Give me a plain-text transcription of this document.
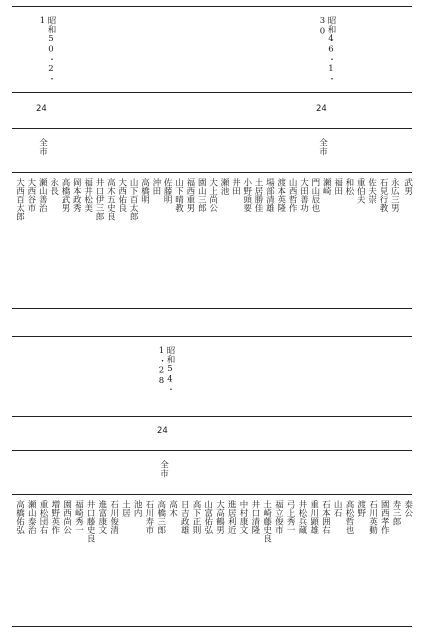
昭和50・2・1	昭和46・1・30
24	24
全市	全市
大西百太郎 大西谷市 瀬山善治 永長 高橋武男 岡本政秀 福井松美 井口伊三郎 高木五史良 大西佑良 山下百太郎 高橋明 沖田 佐藤明 山下晴教 福西重男 園山三郎 大上尚公 瀬池 井田 小野頭要 土居勝佳 場部清雄 渡本英隆 山西哲作 大田善功 門山辰也 瀬崎 福田 和松 重伯夫 佐夫崇 石見行教 永広三男 武男
昭和54・1・28
24
全市
高橋佑弘 瀬山泰治 重松団右 増野英作 園西尚公 福崎秀一 井口藤史良 進富康文 石川俊清 土居 池内 石川寿市 高橋三郎 高木 日吉政雄 高下正則 山富佑弘 大高鶴男 進居利近 中村康文 井口清隆 土崎藤史良 福立俊市 弓上秀一 井松兵蔵 重川顕雄 石本囲右 山石 高松哲也 渡野 石川英動 園西孝作 寿三郎 泰公
